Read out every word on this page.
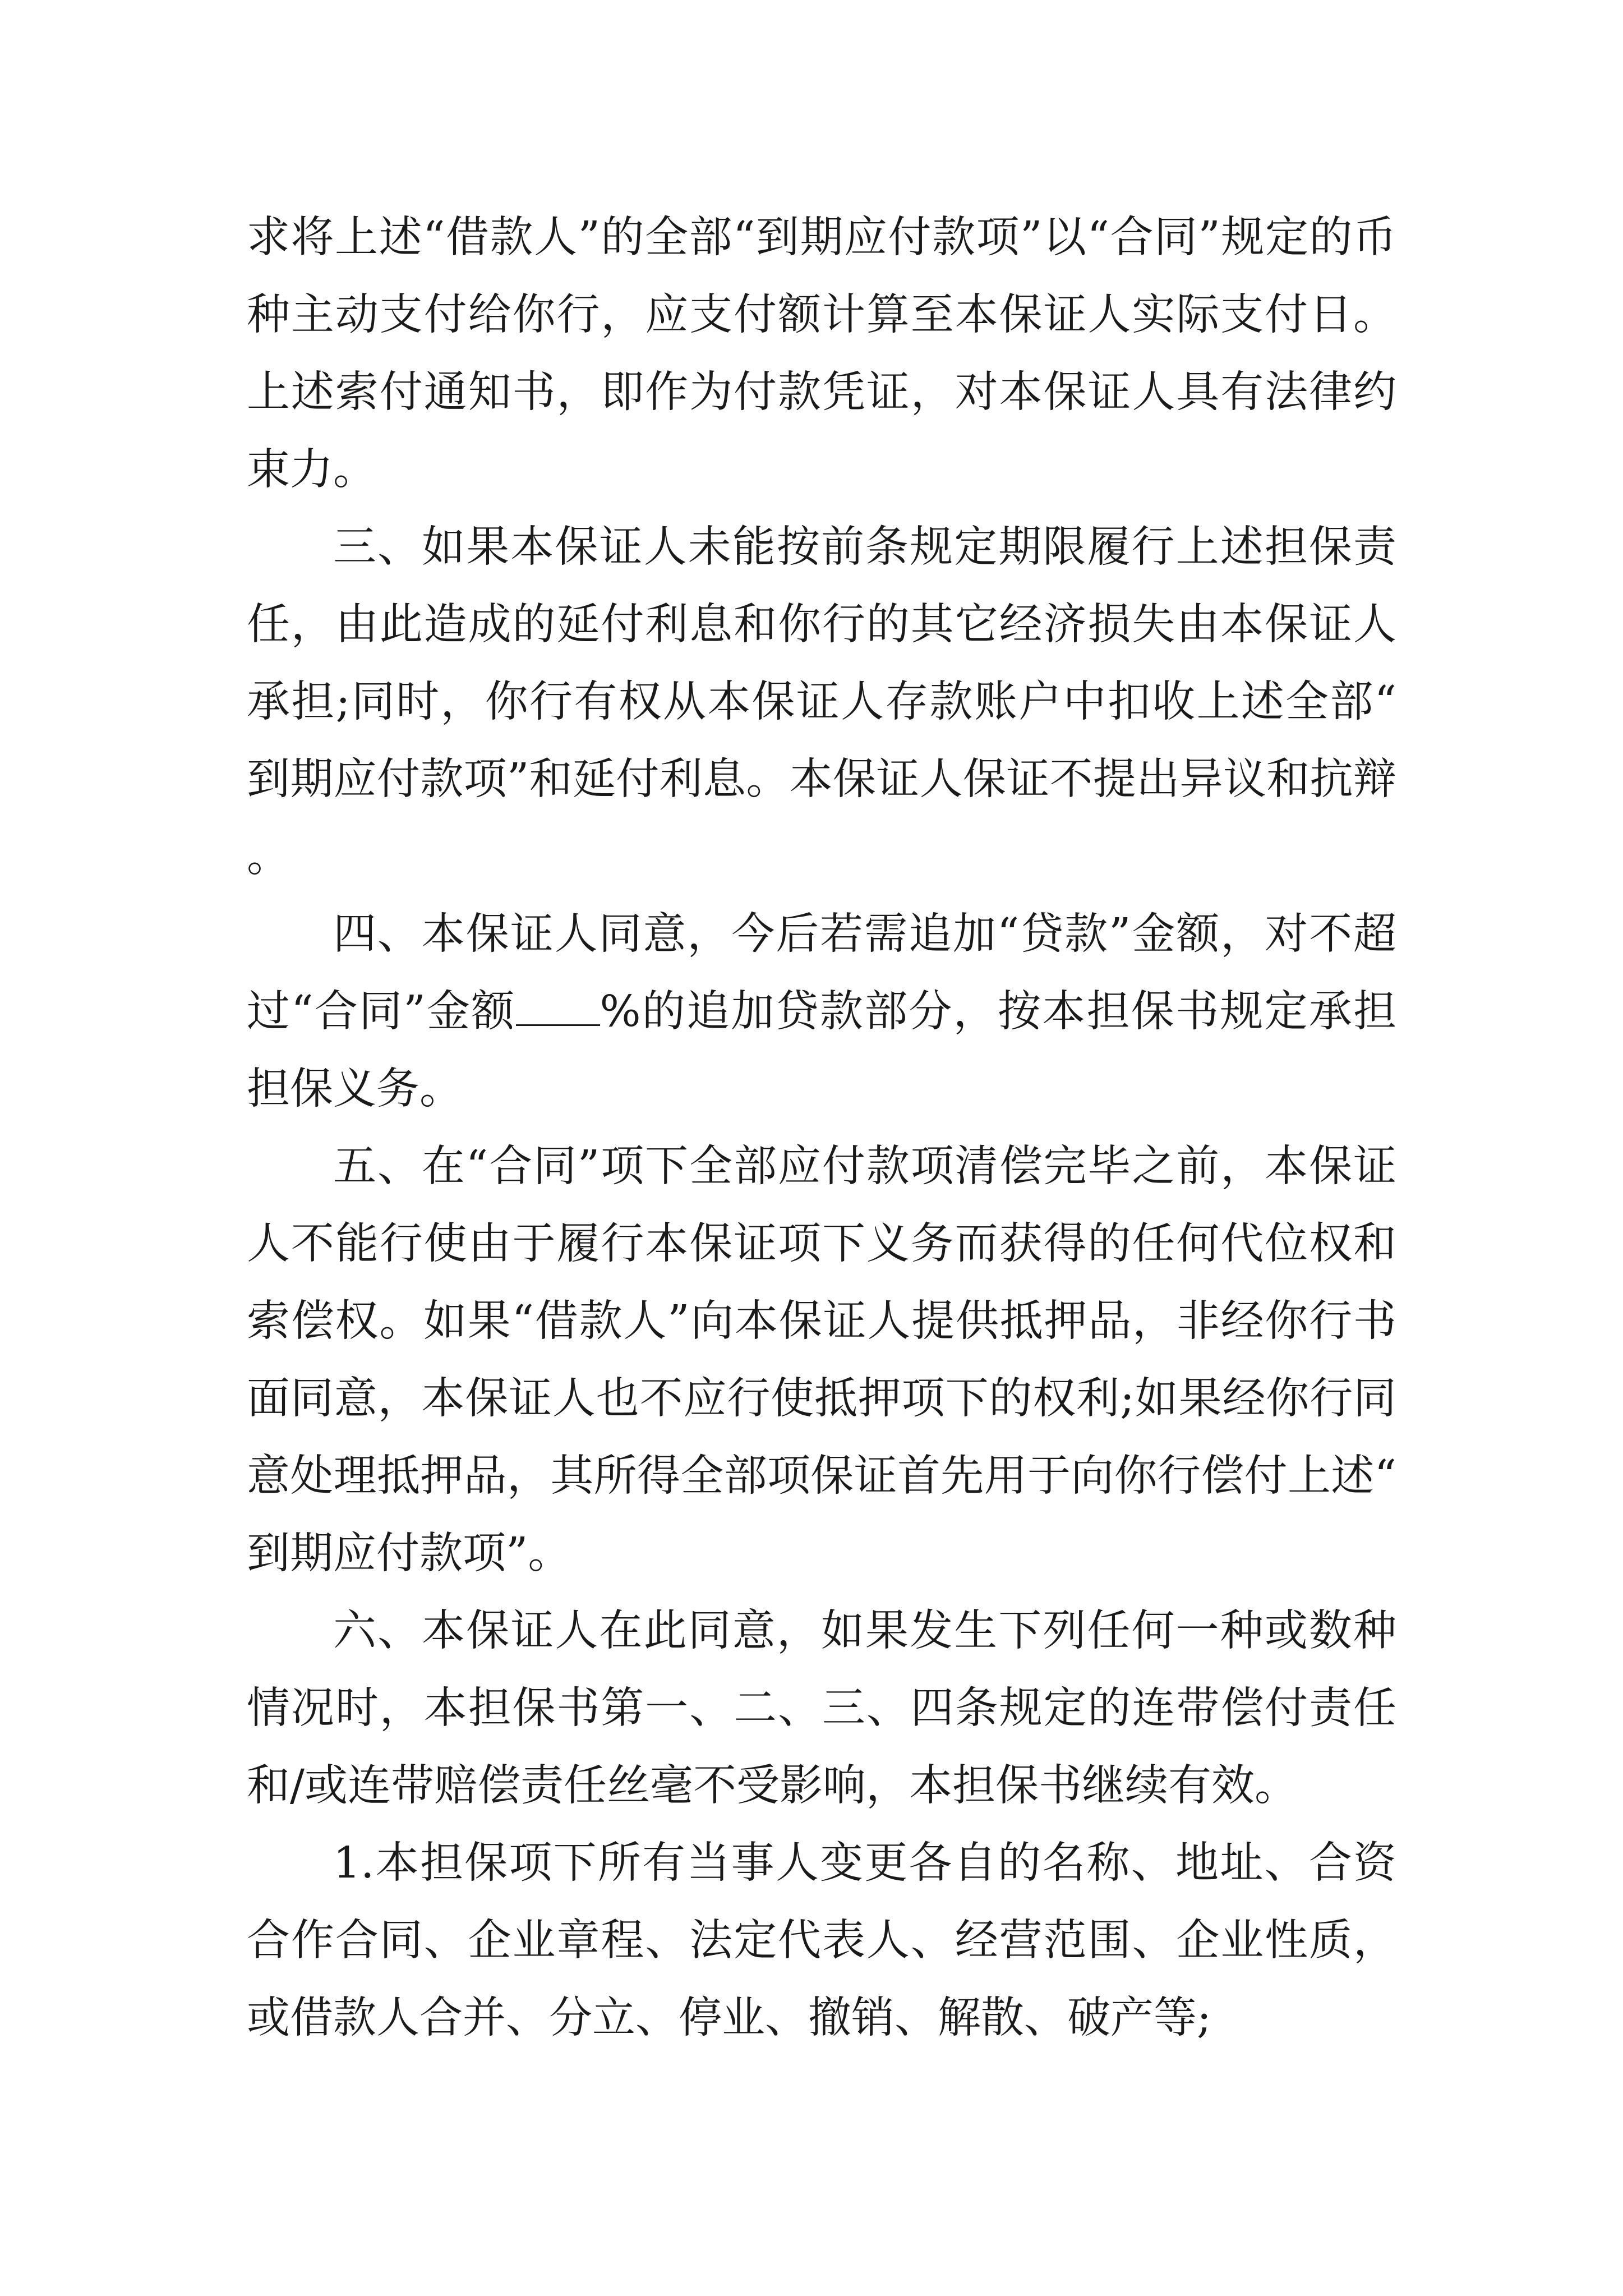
求将上述“借款人”的全部“到期应付款项”以“合同”规定的币种主动支付给你行，应支付额计算至本保证人实际支付日。上述索付通知书，即作为付款凭证，对本保证人具有法律约束力。

三、如果本保证人未能按前条规定期限履行上述担保责任，由此造成的延付利息和你行的其它经济损失由本保证人承担;同时，你行有权从本保证人存款账户中扣收上述全部“到期应付款项”和延付利息。本保证人保证不提出异议和抗辩。

四、本保证人同意，今后若需追加“贷款”金额，对不超过“合同”金额 %的追加贷款部分，按本担保书规定承担担保义务。

五、在“合同”项下全部应付款项清偿完毕之前，本保证人不能行使由于履行本保证项下义务而获得的任何代位权和索偿权。如果“借款人”向本保证人提供抵押品，非经你行书面同意，本保证人也不应行使抵押项下的权利;如果经你行同意处理抵押品，其所得全部项保证首先用于向你行偿付上述“到期应付款项”。

六、本保证人在此同意，如果发生下列任何一种或数种情况时，本担保书第一、二、三、四条规定的连带偿付责任和/或连带赔偿责任丝毫不受影响，本担保书继续有效。

1.本担保项下所有当事人变更各自的名称、地址、合资合作合同、企业章程、法定代表人、经营范围、企业性质，或借款人合并、分立、停业、撤销、解散、破产等;
